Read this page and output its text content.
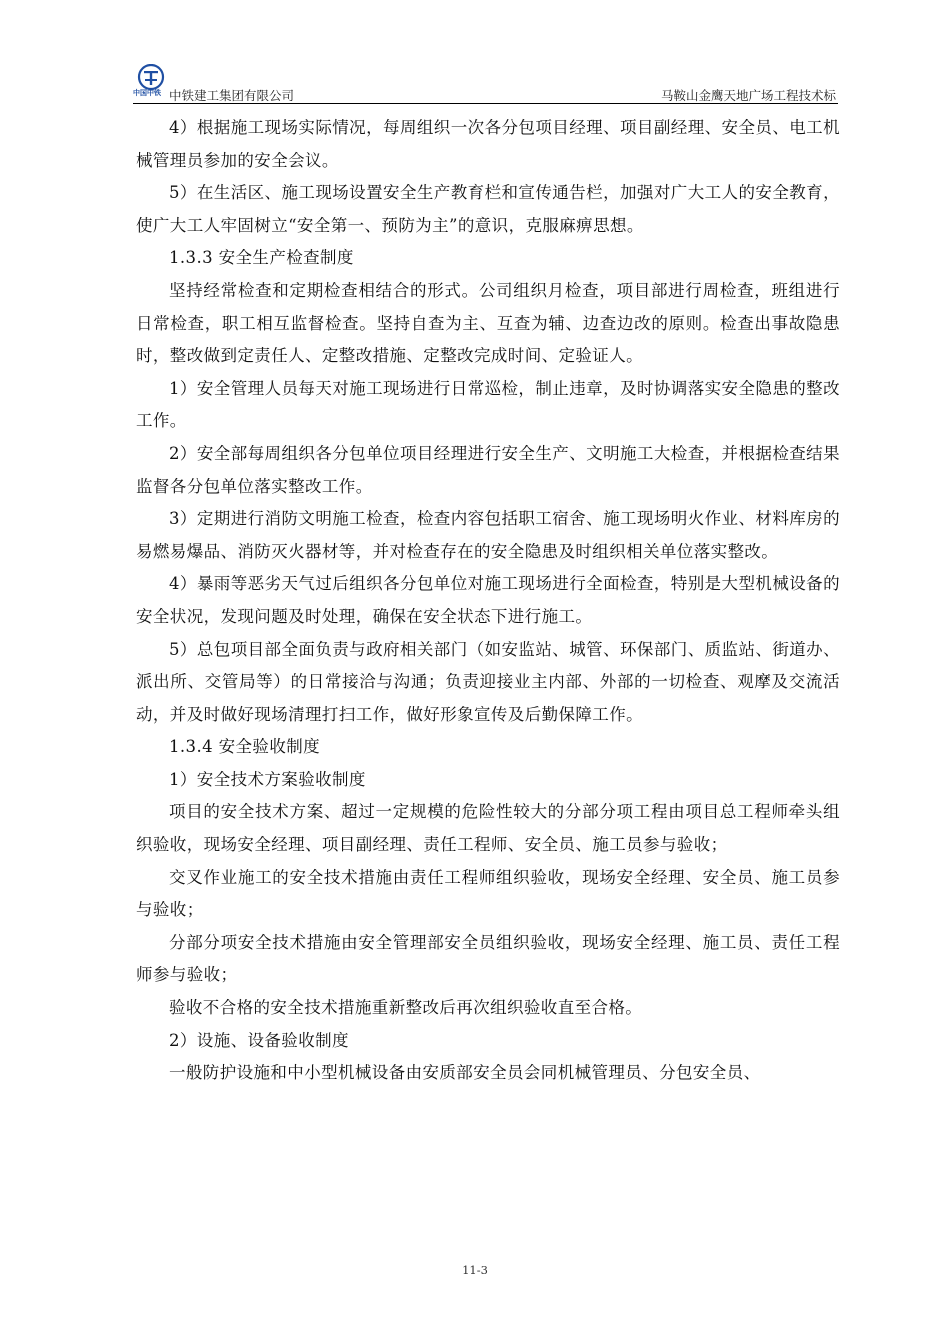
中国中铁 中铁建工集团有限公司	马鞍山金鹰天地广场工程技术标

4）根据施工现场实际情况，每周组织一次各分包项目经理、项目副经理、安全员、电工机械管理员参加的安全会议。

5）在生活区、施工现场设置安全生产教育栏和宣传通告栏，加强对广大工人的安全教育，使广大工人牢固树立“安全第一、预防为主”的意识，克服麻痹思想。

1.3.3 安全生产检查制度

坚持经常检查和定期检查相结合的形式。公司组织月检查，项目部进行周检查，班组进行日常检查，职工相互监督检查。坚持自查为主、互查为辅、边查边改的原则。检查出事故隐患时，整改做到定责任人、定整改措施、定整改完成时间、定验证人。

1）安全管理人员每天对施工现场进行日常巡检，制止违章，及时协调落实安全隐患的整改工作。

2）安全部每周组织各分包单位项目经理进行安全生产、文明施工大检查，并根据检查结果监督各分包单位落实整改工作。

3）定期进行消防文明施工检查，检查内容包括职工宿舍、施工现场明火作业、材料库房的易燃易爆品、消防灭火器材等，并对检查存在的安全隐患及时组织相关单位落实整改。

4）暴雨等恶劣天气过后组织各分包单位对施工现场进行全面检查，特别是大型机械设备的安全状况，发现问题及时处理，确保在安全状态下进行施工。

5）总包项目部全面负责与政府相关部门（如安监站、城管、环保部门、质监站、街道办、派出所、交管局等）的日常接洽与沟通；负责迎接业主内部、外部的一切检查、观摩及交流活动，并及时做好现场清理打扫工作，做好形象宣传及后勤保障工作。

1.3.4 安全验收制度

1）安全技术方案验收制度

项目的安全技术方案、超过一定规模的危险性较大的分部分项工程由项目总工程师牵头组织验收，现场安全经理、项目副经理、责任工程师、安全员、施工员参与验收；

交叉作业施工的安全技术措施由责任工程师组织验收，现场安全经理、安全员、施工员参与验收；

分部分项安全技术措施由安全管理部安全员组织验收，现场安全经理、施工员、责任工程师参与验收；

验收不合格的安全技术措施重新整改后再次组织验收直至合格。

2）设施、设备验收制度

一般防护设施和中小型机械设备由安质部安全员会同机械管理员、分包安全员、

11-3
